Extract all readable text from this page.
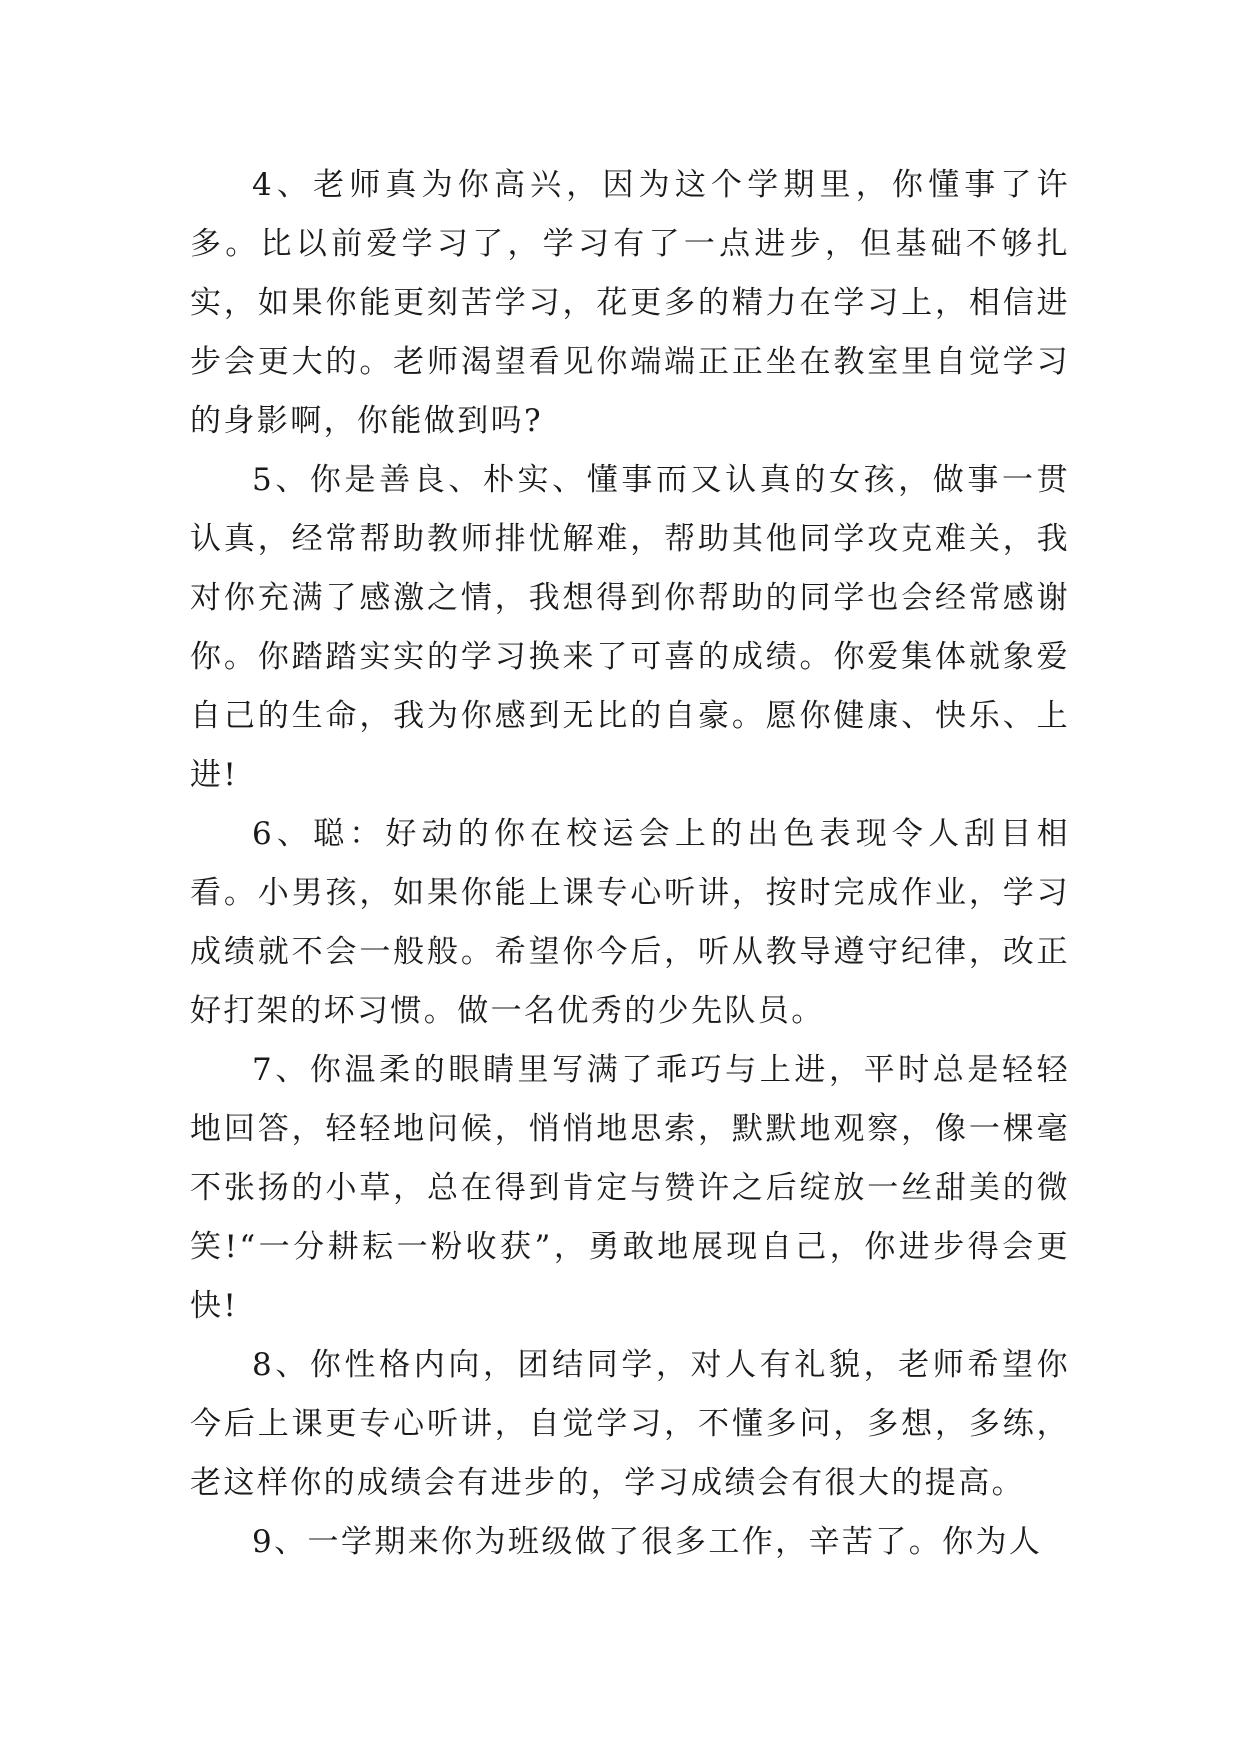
4、老师真为你高兴，因为这个学期里，你懂事了许多。比以前爱学习了，学习有了一点进步，但基础不够扎实，如果你能更刻苦学习，花更多的精力在学习上，相信进步会更大的。老师渴望看见你端端正正坐在教室里自觉学习的身影啊，你能做到吗?

5、你是善良、朴实、懂事而又认真的女孩，做事一贯认真，经常帮助教师排忧解难，帮助其他同学攻克难关，我对你充满了感激之情，我想得到你帮助的同学也会经常感谢你。你踏踏实实的学习换来了可喜的成绩。你爱集体就象爱自己的生命，我为你感到无比的自豪。愿你健康、快乐、上进!

6、聪：好动的你在校运会上的出色表现令人刮目相看。小男孩，如果你能上课专心听讲，按时完成作业，学习成绩就不会一般般。希望你今后，听从教导遵守纪律，改正好打架的坏习惯。做一名优秀的少先队员。

7、你温柔的眼睛里写满了乖巧与上进，平时总是轻轻地回答，轻轻地问候，悄悄地思索，默默地观察，像一棵毫不张扬的小草，总在得到肯定与赞许之后绽放一丝甜美的微笑!“一分耕耘一粉收获”，勇敢地展现自己，你进步得会更快!

8、你性格内向，团结同学，对人有礼貌，老师希望你今后上课更专心听讲，自觉学习，不懂多问，多想，多练，老这样你的成绩会有进步的，学习成绩会有很大的提高。

9、一学期来你为班级做了很多工作，辛苦了。你为人
